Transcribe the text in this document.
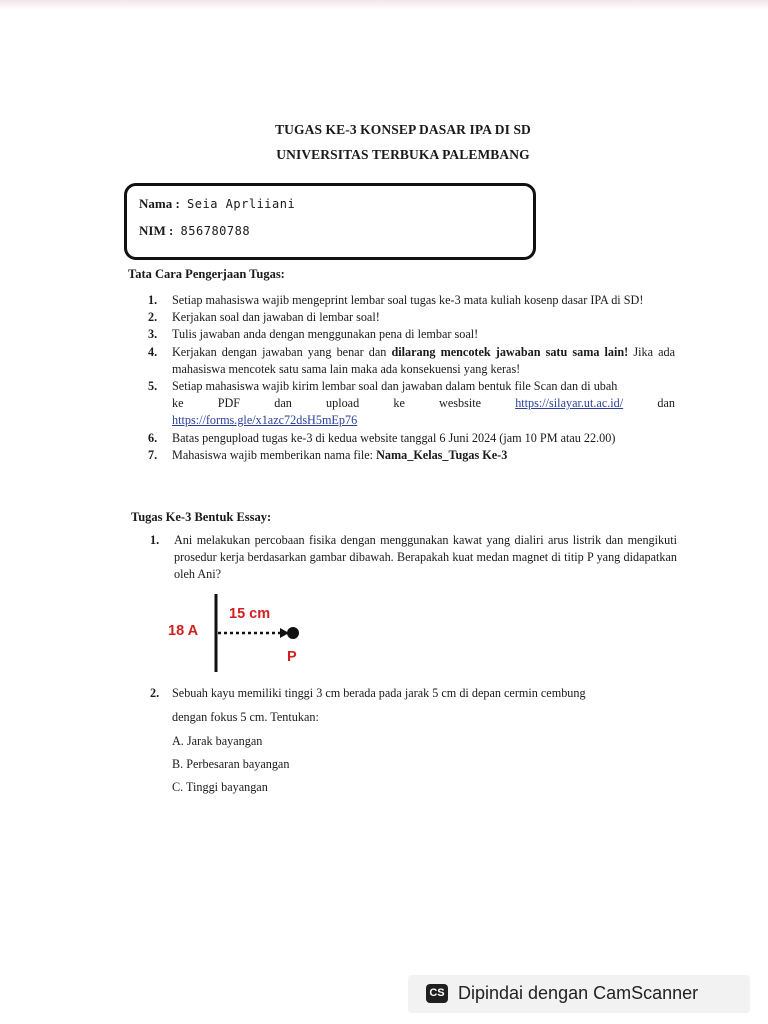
TUGAS KE-3 KONSEP DASAR IPA DI SD
UNIVERSITAS TERBUKA PALEMBANG
Nama : Seia Aprliiani
NIM : 856780788
Tata Cara Pengerjaan Tugas:
1. Setiap mahasiswa wajib mengeprint lembar soal tugas ke-3 mata kuliah kosenp dasar IPA di SD!
2. Kerjakan soal dan jawaban di lembar soal!
3. Tulis jawaban anda dengan menggunakan pena di lembar soal!
4. Kerjakan dengan jawaban yang benar dan dilarang mencotek jawaban satu sama lain! Jika ada mahasiswa mencotek satu sama lain maka ada konsekuensi yang keras!
5. Setiap mahasiswa wajib kirim lembar soal dan jawaban dalam bentuk file Scan dan di ubah
ke	PDF	dan	upload	ke	wesbsite	https://silayar.ut.ac.id/	dan
https://forms.gle/x1azc72dsH5mEp76
6. Batas pengupload tugas ke-3 di kedua website tanggal 6 Juni 2024 (jam 10 PM atau 22.00)
7. Mahasiswa wajib memberikan nama file: Nama_Kelas_Tugas Ke-3
Tugas Ke-3 Bentuk Essay:
1. Ani melakukan percobaan fisika dengan menggunakan kawat yang dialiri arus listrik dan mengikuti prosedur kerja berdasarkan gambar dibawah. Berapakah kuat medan magnet di titip P yang didapatkan oleh Ani?
18 A
15 cm
P
2. Sebuah kayu memiliki tinggi 3 cm berada pada jarak 5 cm di depan cermin cembung
dengan fokus 5 cm. Tentukan:
A. Jarak bayangan
B. Perbesaran bayangan
C. Tinggi bayangan
CS Dipindai dengan CamScanner
